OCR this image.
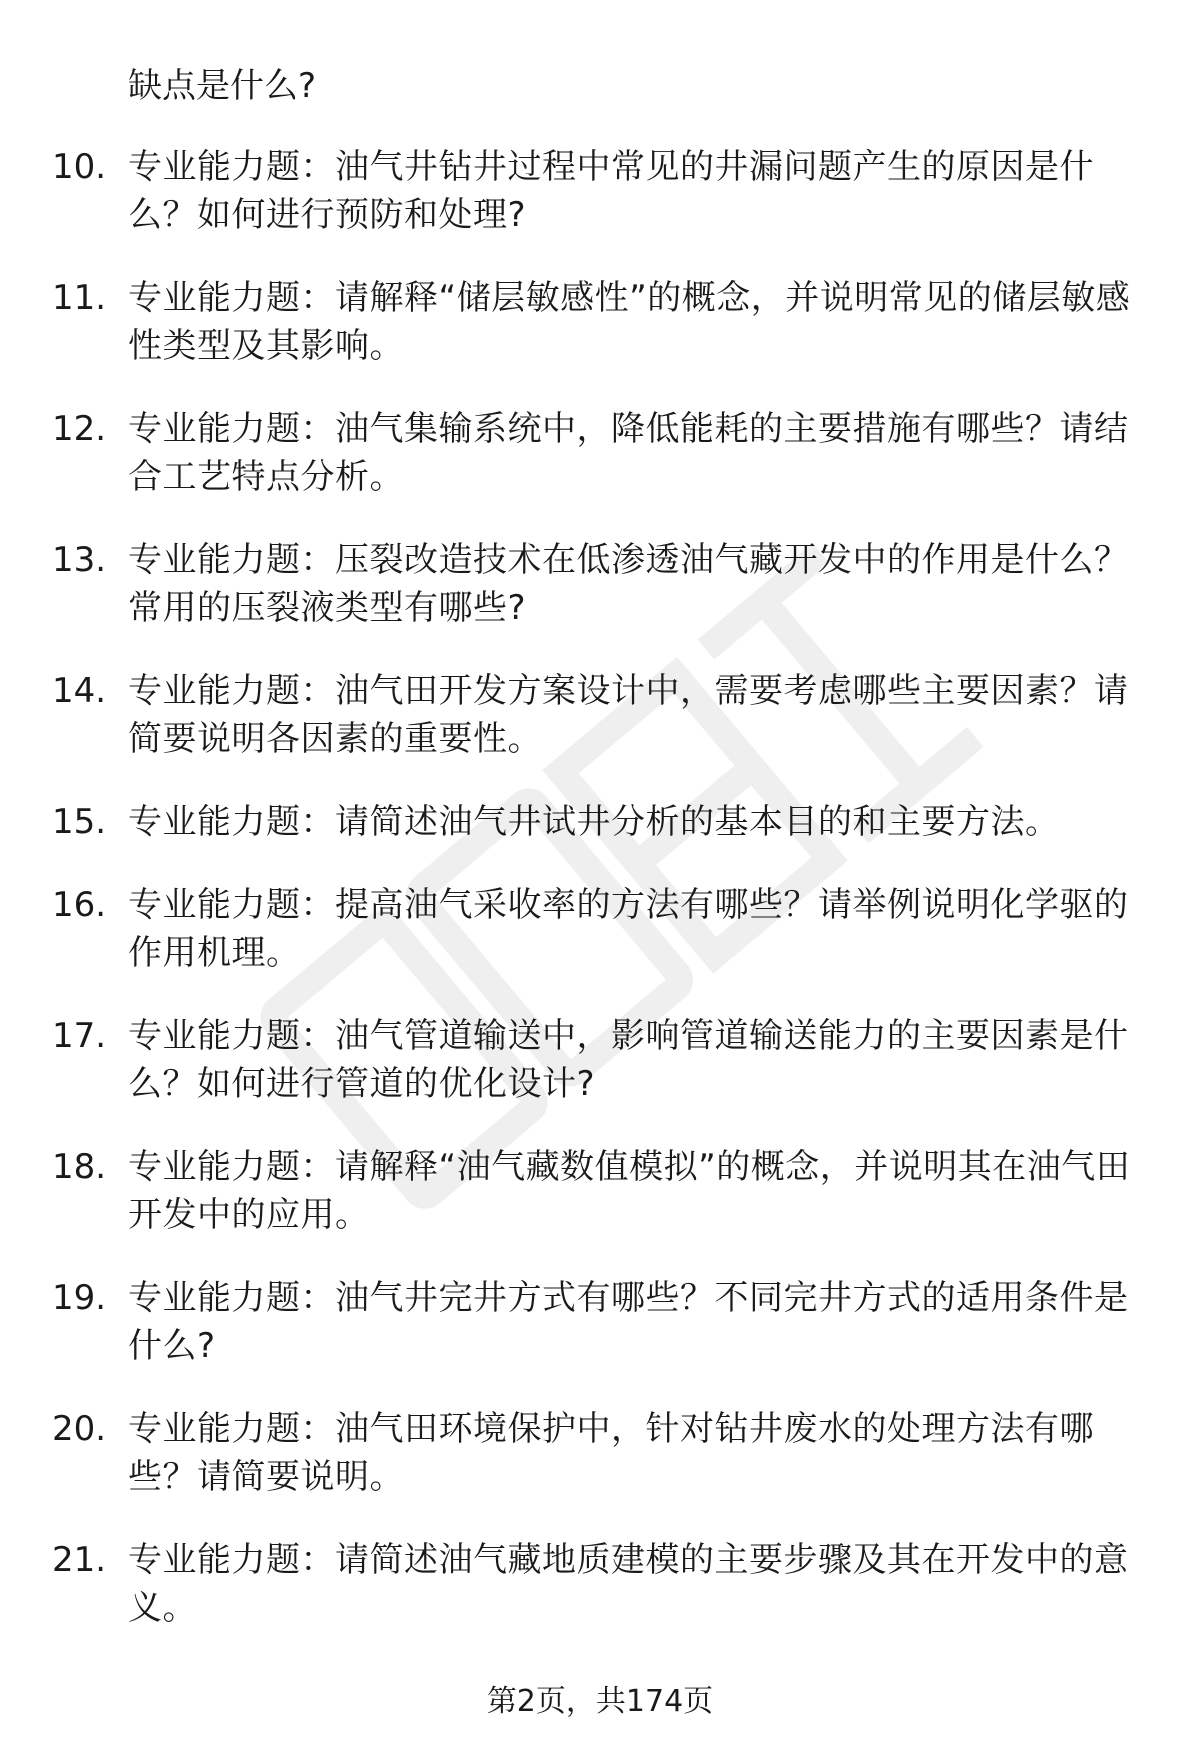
缺点是什么?

10. 专业能力题：油气井钻井过程中常见的井漏问题产生的原因是什么？如何进行预防和处理?
11. 专业能力题：请解释“储层敏感性”的概念，并说明常见的储层敏感性类型及其影响。
12. 专业能力题：油气集输系统中，降低能耗的主要措施有哪些？请结合工艺特点分析。
13. 专业能力题：压裂改造技术在低渗透油气藏开发中的作用是什么？常用的压裂液类型有哪些?
14. 专业能力题：油气田开发方案设计中，需要考虑哪些主要因素？请简要说明各因素的重要性。
15. 专业能力题：请简述油气井试井分析的基本目的和主要方法。
16. 专业能力题：提高油气采收率的方法有哪些？请举例说明化学驱的作用机理。
17. 专业能力题：油气管道输送中，影响管道输送能力的主要因素是什么？如何进行管道的优化设计?
18. 专业能力题：请解释“油气藏数值模拟”的概念，并说明其在油气田开发中的应用。
19. 专业能力题：油气井完井方式有哪些？不同完井方式的适用条件是什么?
20. 专业能力题：油气田环境保护中，针对钻井废水的处理方法有哪些？请简要说明。
21. 专业能力题：请简述油气藏地质建模的主要步骤及其在开发中的意义。
第2页，共174页
